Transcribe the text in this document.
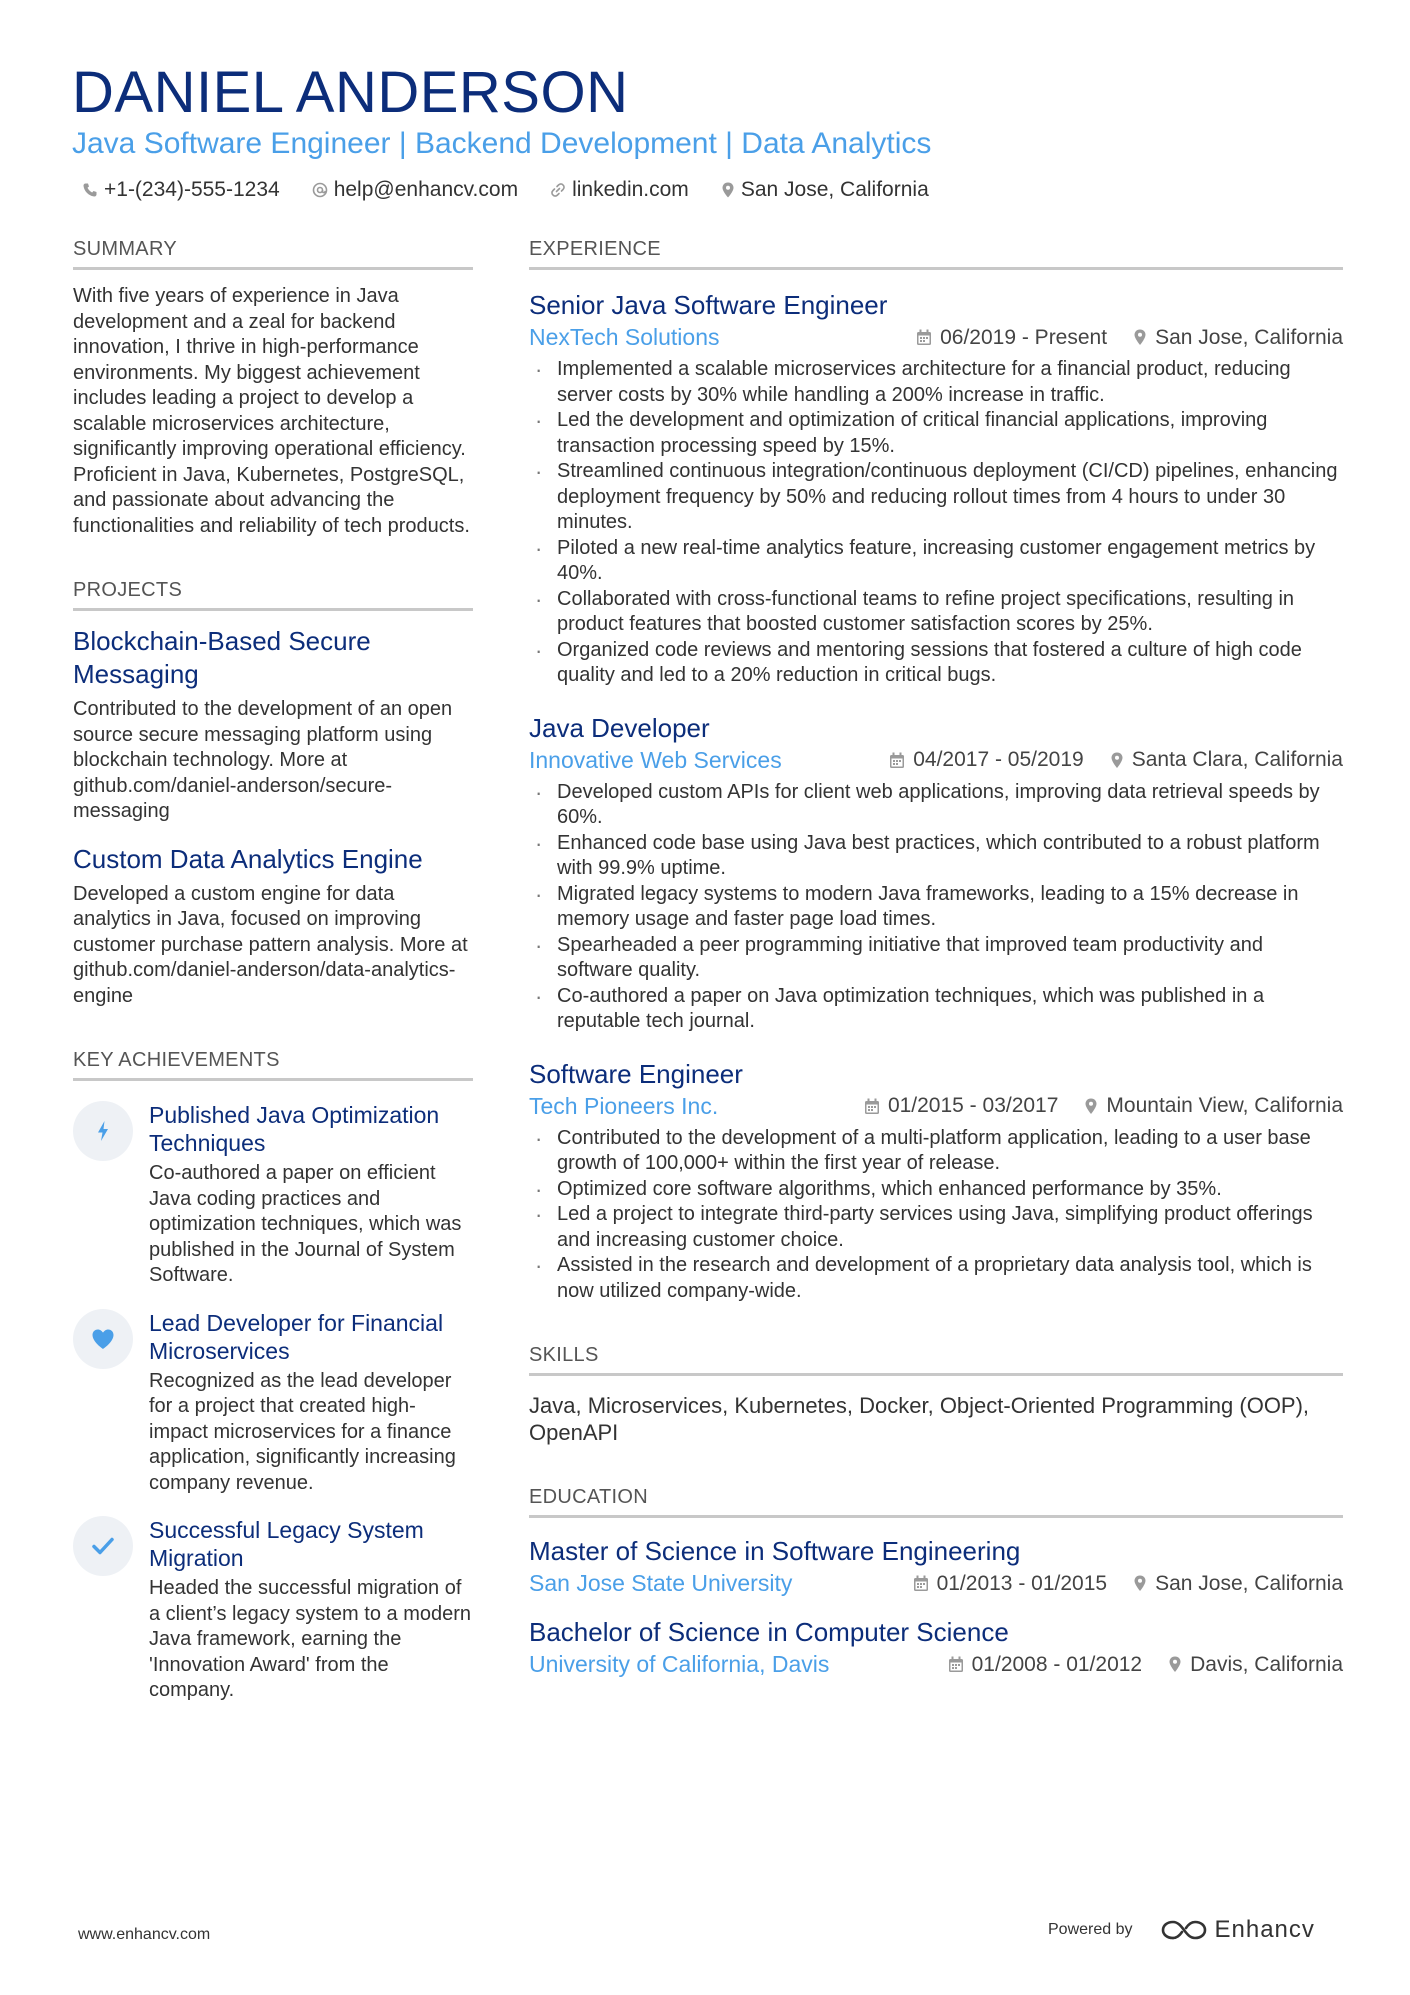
DANIEL ANDERSON
Java Software Engineer | Backend Development | Data Analytics
+1-(234)-555-1234	help@enhancv.com	linkedin.com San Jose, California
SUMMARY
With five years of experience in Java development and a zeal for backend innovation, I thrive in high-performance environments. My biggest achievement includes leading a project to develop a scalable microservices architecture, significantly improving operational efficiency. Proficient in Java, Kubernetes, PostgreSQL, and passionate about advancing the functionalities and reliability of tech products.
PROJECTS
Blockchain-Based Secure Messaging
Contributed to the development of an open source secure messaging platform using blockchain technology. More at github.com/daniel-anderson/secure-messaging
Custom Data Analytics Engine
Developed a custom engine for data analytics in Java, focused on improving customer purchase pattern analysis. More at github.com/daniel-anderson/data-analytics-engine
KEY ACHIEVEMENTS
Published Java Optimization Techniques
Co-authored a paper on efficient Java coding practices and optimization techniques, which was published in the Journal of System Software.
Lead Developer for Financial Microservices
Recognized as the lead developer for a project that created high-impact microservices for a finance application, significantly increasing company revenue.
Successful Legacy System Migration
Headed the successful migration of a client’s legacy system to a modern Java framework, earning the 'Innovation Award' from the company.
EXPERIENCE
Senior Java Software Engineer
NexTech Solutions	06/2019 - Present San Jose, California
· Implemented a scalable microservices architecture for a financial product, reducing server costs by 30% while handling a 200% increase in traffic.
· Led the development and optimization of critical financial applications, improving transaction processing speed by 15%.
· Streamlined continuous integration/continuous deployment (CI/CD) pipelines, enhancing deployment frequency by 50% and reducing rollout times from 4 hours to under 30 minutes.
· Piloted a new real-time analytics feature, increasing customer engagement metrics by 40%.
· Collaborated with cross-functional teams to refine project specifications, resulting in product features that boosted customer satisfaction scores by 25%.
· Organized code reviews and mentoring sessions that fostered a culture of high code quality and led to a 20% reduction in critical bugs.
Java Developer
Innovative Web Services	04/2017 - 05/2019 Santa Clara, California
· Developed custom APIs for client web applications, improving data retrieval speeds by 60%.
· Enhanced code base using Java best practices, which contributed to a robust platform with 99.9% uptime.
· Migrated legacy systems to modern Java frameworks, leading to a 15% decrease in memory usage and faster page load times.
· Spearheaded a peer programming initiative that improved team productivity and software quality.
· Co-authored a paper on Java optimization techniques, which was published in a reputable tech journal.
Software Engineer
Tech Pioneers Inc.	01/2015 - 03/2017 Mountain View, California
· Contributed to the development of a multi-platform application, leading to a user base growth of 100,000+ within the first year of release.
· Optimized core software algorithms, which enhanced performance by 35%.
· Led a project to integrate third-party services using Java, simplifying product offerings and increasing customer choice.
· Assisted in the research and development of a proprietary data analysis tool, which is now utilized company-wide.
SKILLS
Java, Microservices, Kubernetes, Docker, Object-Oriented Programming (OOP), OpenAPI
EDUCATION
Master of Science in Software Engineering
San Jose State University	01/2013 - 01/2015 San Jose, California
Bachelor of Science in Computer Science
University of California, Davis	01/2008 - 01/2012 Davis, California
www.enhancv.com	Powered by	Enhancv
